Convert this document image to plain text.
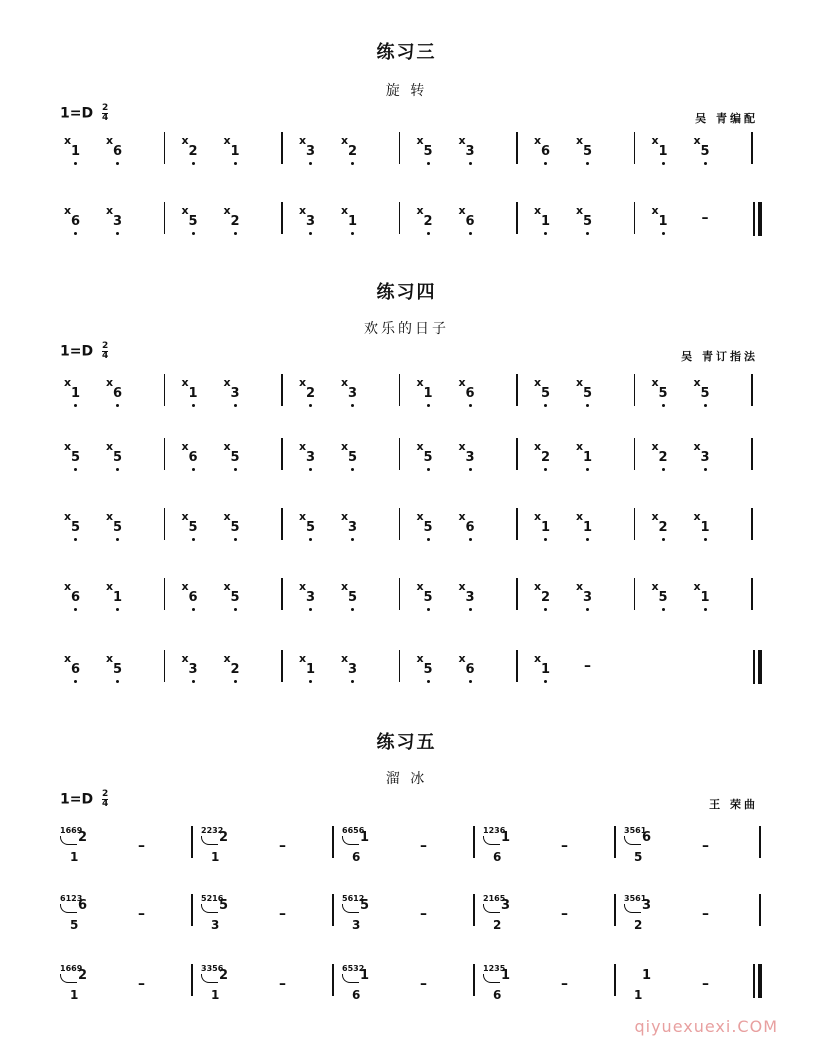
练习三
旋 转
$1=D \frac{2}{4}$	吴 青编配
ⅹ
1
ⅹ
6
ⅹ
2
ⅹ
1
ⅹ
3
ⅹ
2
ⅹ
5
ⅹ
3
ⅹ
6
ⅹ
5
ⅹ
1
ⅹ
5
ⅹ
6
ⅹ
3
ⅹ
5
ⅹ
2
ⅹ
3
ⅹ
1
ⅹ
2
ⅹ
6
ⅹ
1
ⅹ
5
ⅹ
1 –
练习四
欢乐的日子
$1=D \frac{2}{4}$	吴 青订指法
ⅹ
1
ⅹ
6
ⅹ
1
ⅹ
3
ⅹ
2
ⅹ
3
ⅹ
1
ⅹ
6
ⅹ
5
ⅹ
5
ⅹ
5
ⅹ
5
ⅹ
5
ⅹ
5
ⅹ
6
ⅹ
5
ⅹ
3
ⅹ
5
ⅹ
5
ⅹ
3
ⅹ
2
ⅹ
1
ⅹ
2
ⅹ
3
ⅹ
5
ⅹ
5
ⅹ
5
ⅹ
5
ⅹ
5
ⅹ
3
ⅹ
5
ⅹ
6
ⅹ
1
ⅹ
1
ⅹ
2
ⅹ
1
ⅹ
6
ⅹ
1
ⅹ
6
ⅹ
5
ⅹ
3
ⅹ
5
ⅹ
5
ⅹ
3
ⅹ
2
ⅹ
3
ⅹ
5
ⅹ
1
ⅹ
6
ⅹ
5
ⅹ
3
ⅹ
2
ⅹ
1
ⅹ
3
ⅹ
5
ⅹ
6
ⅹ
1 –
练习五
溜 冰
$1=D \frac{2}{4}$	王 荣曲
1669
2
1
–
2232
2
1
–
6656
1
6
–
1236
1
6
–
3561
6
5
–
6123
6
5
–
5216
5
3
–
5612
5
3
–
2165
3
2
–
3561
3
2
–
1669
2
1
–
3356
2
1
–
6532
1
6
–
1235
1
6
–
1
1
–
qiyuexuexi.COM
